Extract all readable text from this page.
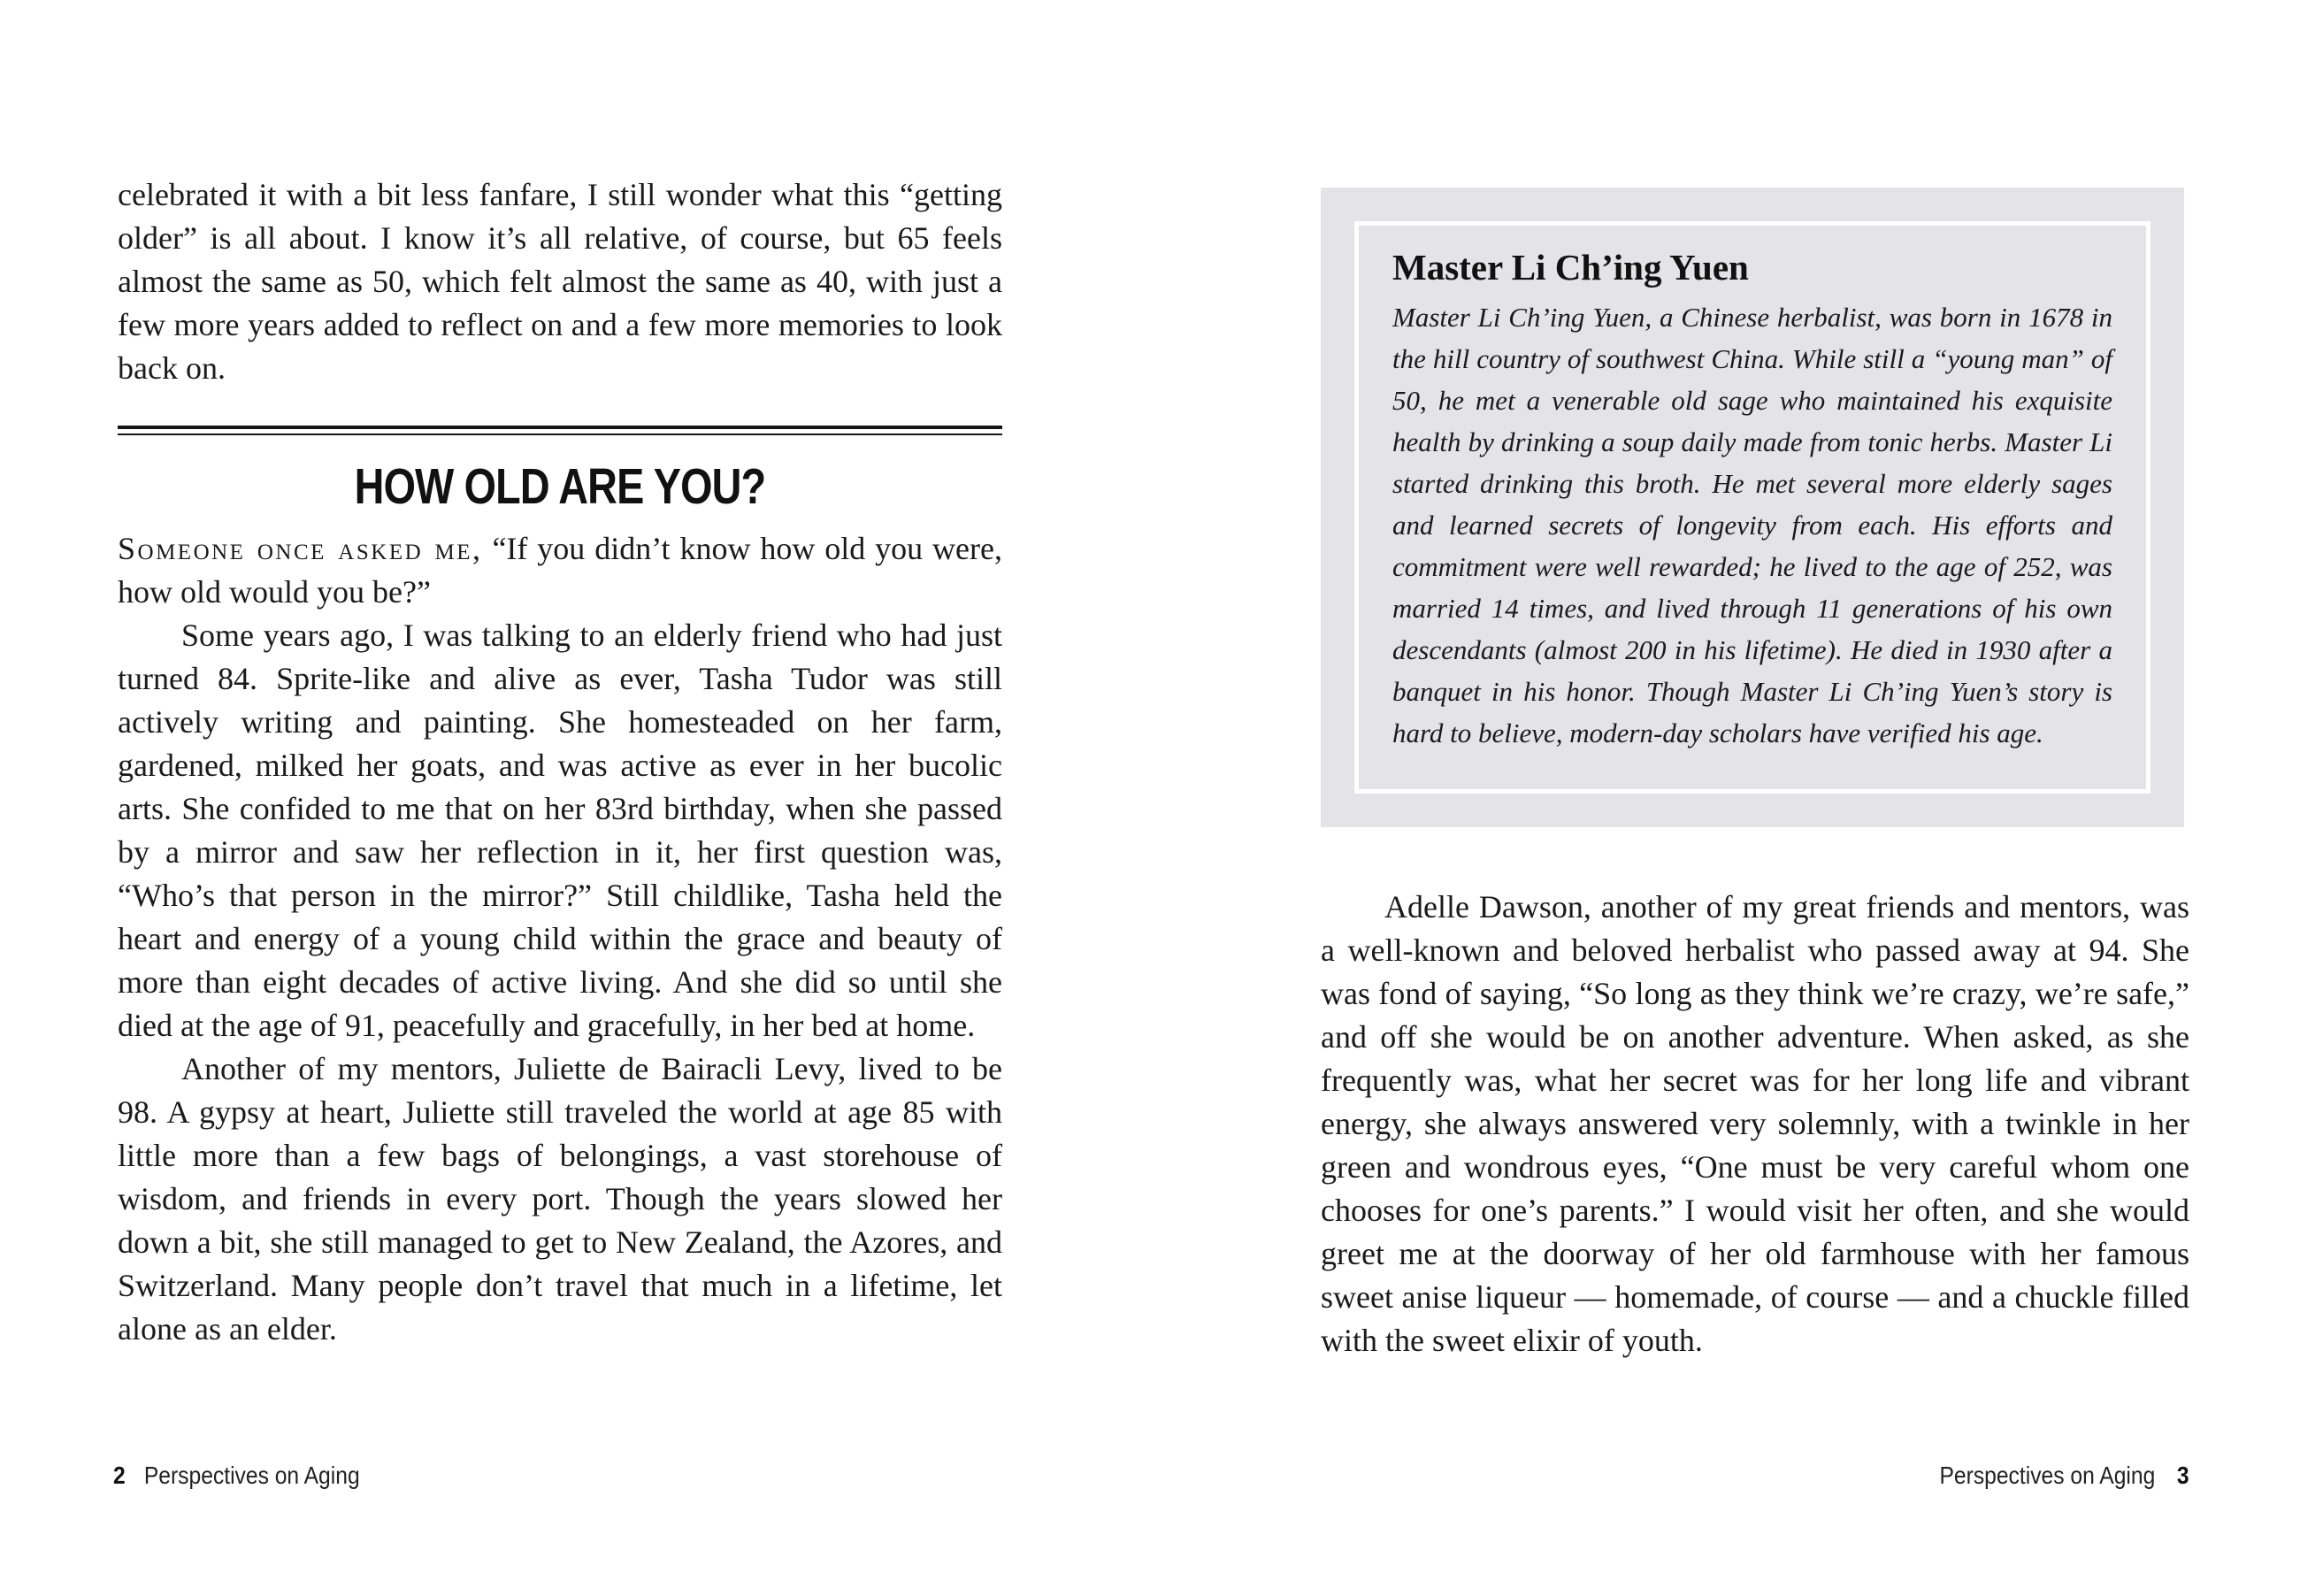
celebrated it with a bit less fanfare, I still wonder what this “getting older” is all about. I know it’s all relative, of course, but 65 feels almost the same as 50, which felt almost the same as 40, with just a few more years added to reflect on and a few more memories to look back on.

HOW OLD ARE YOU?

Someone once asked me, “If you didn’t know how old you were, how old would you be?”

Some years ago, I was talking to an elderly friend who had just turned 84. Sprite-like and alive as ever, Tasha Tudor was still actively writing and painting. She homesteaded on her farm, gardened, milked her goats, and was active as ever in her bucolic arts. She confided to me that on her 83rd birthday, when she passed by a mirror and saw her reflection in it, her first question was, “Who’s that person in the mirror?” Still childlike, Tasha held the heart and energy of a young child within the grace and beauty of more than eight decades of active living. And she did so until she died at the age of 91, peacefully and gracefully, in her bed at home.

Another of my mentors, Juliette de Bairacli Levy, lived to be 98. A gypsy at heart, Juliette still traveled the world at age 85 with little more than a few bags of belongings, a vast storehouse of wisdom, and friends in every port. Though the years slowed her down a bit, she still managed to get to New Zealand, the Azores, and Switzerland. Many people don’t travel that much in a lifetime, let alone as an elder.

2 Perspectives on Aging
Master Li Ch’ing Yuen

Master Li Ch’ing Yuen, a Chinese herbalist, was born in 1678 in the hill country of southwest China. While still a “young man” of 50, he met a venerable old sage who maintained his exquisite health by drinking a soup daily made from tonic herbs. Master Li started drinking this broth. He met several more elderly sages and learned secrets of longevity from each. His efforts and commitment were well rewarded; he lived to the age of 252, was married 14 times, and lived through 11 generations of his own descendants (almost 200 in his lifetime). He died in 1930 after a banquet in his honor. Though Master Li Ch’ing Yuen’s story is hard to believe, modern-day scholars have verified his age.

Adelle Dawson, another of my great friends and mentors, was a well-known and beloved herbalist who passed away at 94. She was fond of saying, “So long as they think we’re crazy, we’re safe,” and off she would be on another adventure. When asked, as she frequently was, what her secret was for her long life and vibrant energy, she always answered very solemnly, with a twinkle in her green and wondrous eyes, “One must be very careful whom one chooses for one’s parents.” I would visit her often, and she would greet me at the doorway of her old farmhouse with her famous sweet anise liqueur — homemade, of course — and a chuckle filled with the sweet elixir of youth.

Perspectives on Aging 3
